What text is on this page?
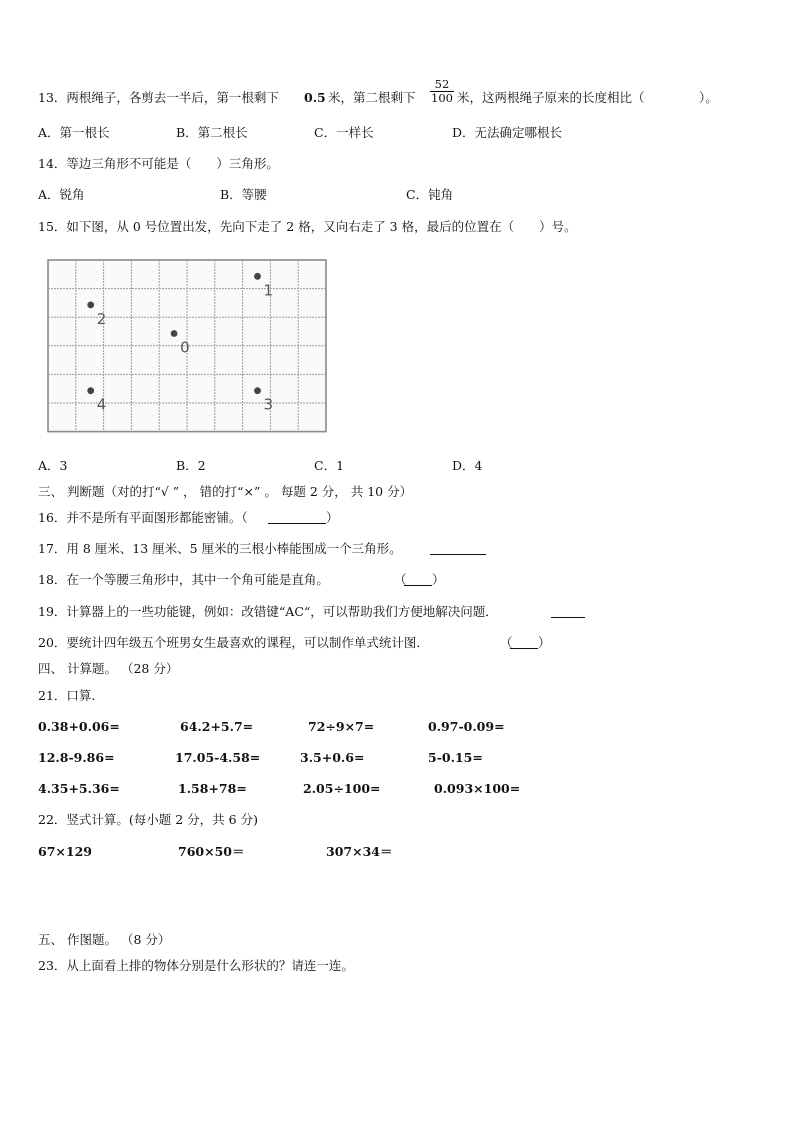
13．两根绳子，各剪去一半后，第一根剩下 0.5 米，第二根剩下 $\frac{52}{100}$ 米，这两根绳子原来的长度相比（	）。
A．第一根长	B．第二根长	C．一样长	D．无法确定哪根长
14．等边三角形不可能是（　　）三角形。
A．锐角	B．等腰	C．钝角
15．如下图，从 0 号位置出发，先向下走了 2 格，又向右走了 3 格，最后的位置在（　　）号。
1
2
0
4	3
A．3	B．2	C．1	D．4
三、 判断题（对的打“√ ” ， 错的打“×” 。 每题 2 分， 共 10 分）
16．并不是所有平面图形都能密铺。（	）
17．用 8 厘米、13 厘米、5 厘米的三根小棒能围成一个三角形。
18．在一个等腰三角形中，其中一个角可能是直角。	（ ）
19．计算器上的一些功能键，例如：改错键“AC“，可以帮助我们方便地解决问题．
20．要统计四年级五个班男女生最喜欢的课程，可以制作单式统计图．	（ ）
四、 计算题。 （28 分）
21．口算.
0.38+0.06=	64.2+5.7=	72÷9×7=	0.97-0.09=
12.8-9.86=	17.05-4.58=	3.5+0.6=	5-0.15=
4.35+5.36=	1.58+78=	2.05÷100=	0.093×100=
22．竖式计算。(每小题 2 分，共 6 分)
67×129	760×50＝	307×34＝
五、 作图题。 （8 分）
23．从上面看上排的物体分别是什么形状的？请连一连。
